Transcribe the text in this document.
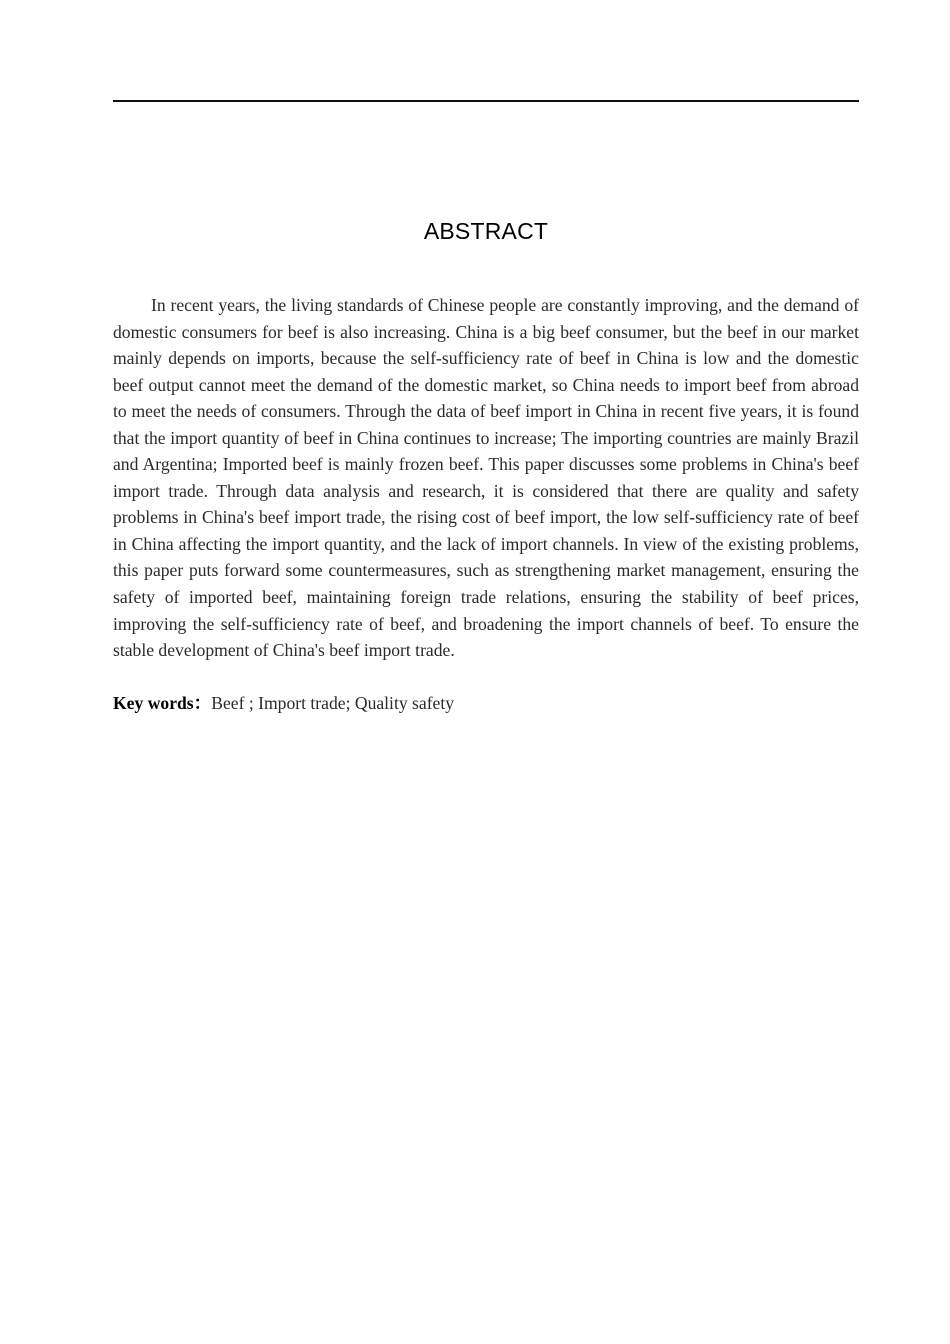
ABSTRACT

In recent years, the living standards of Chinese people are constantly improving, and the demand of domestic consumers for beef is also increasing. China is a big beef consumer, but the beef in our market mainly depends on imports, because the self-sufficiency rate of beef in China is low and the domestic beef output cannot meet the demand of the domestic market, so China needs to import beef from abroad to meet the needs of consumers. Through the data of beef import in China in recent five years, it is found that the import quantity of beef in China continues to increase; The importing countries are mainly Brazil and Argentina; Imported beef is mainly frozen beef. This paper discusses some problems in China's beef import trade. Through data analysis and research, it is considered that there are quality and safety problems in China's beef import trade, the rising cost of beef import, the low self-sufficiency rate of beef in China affecting the import quantity, and the lack of import channels. In view of the existing problems, this paper puts forward some countermeasures, such as strengthening market management, ensuring the safety of imported beef, maintaining foreign trade relations, ensuring the stability of beef prices, improving the self-sufficiency rate of beef, and broadening the import channels of beef. To ensure the stable development of China's beef import trade.

Key words：Beef ; Import trade; Quality safety
